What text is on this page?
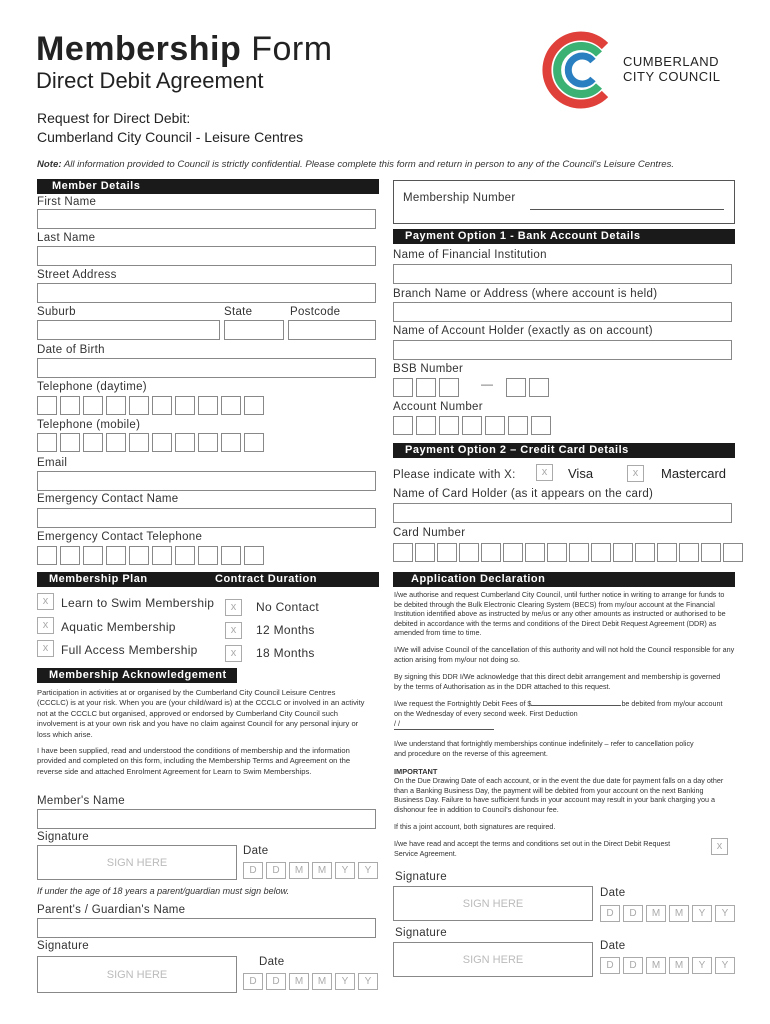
Membership Form
Direct Debit Agreement
Request for Direct Debit:
Cumberland City Council - Leisure Centres
Note: All information provided to Council is strictly confidential. Please complete this form and return in person to any of the Council's Leisure Centres.
CUMBERLAND
CITY COUNCIL
Member Details
First Name
Last Name
Street Address
Suburb	State	Postcode
Date of Birth
Telephone (daytime)
Telephone (mobile)
Email
Emergency Contact Name
Emergency Contact Telephone
Membership Plan	Contract Duration
x	Learn to Swim Membership
x	Aquatic Membership
x	Full Access Membership
x	No Contact
x	12 Months
x	18 Months
Membership Acknowledgement
Participation in activities at or organised by the Cumberland City Council Leisure Centres (CCCLC) is at your risk. When you are (your child/ward is) at the CCCLC or involved in an activity not at the CCCLC but organised, approved or endorsed by Cumberland City Council such involvement is at your own risk and you have no claim against Council for any personal injury or loss which arise.
I have been supplied, read and understood the conditions of membership and the information provided and completed on this form, including the Membership Terms and Agreement on the reverse side and attached Enrolment Agreement for Learn to Swim Memberships.
Member's Name
Signature
SIGN HERE
Date
D	D	M	M	Y	Y
If under the age of 18 years a parent/guardian must sign below.
Parent's / Guardian's Name
Signature
SIGN HERE
Date
D	D	M	M	Y	Y
Membership Number
Payment Option 1 - Bank Account Details
Name of Financial Institution
Branch Name or Address (where account is held)
Name of Account Holder (exactly as on account)
BSB Number
—
Account Number
Payment Option 2 – Credit Card Details
Please indicate with X:	x	Visa	x	Mastercard
Name of Card Holder (as it appears on the card)
Card Number
Application Declaration
I/we authorise and request Cumberland City Council, until further notice in writing to arrange for funds to be debited through the Bulk Electronic Clearing System (BECS) from my/our account at the Financial Institution identified above as instructed by me/us or any other amounts as instructed or authorised to be debited in accordance with the terms and conditions of the Direct Debit Request Agreement (DDR) as amended from time to time.
I/We will advise Council of the cancellation of this authority and will not hold the Council responsible for any action arising from my/our not doing so.
By signing this DDR I/We acknowledge that this direct debit arrangement and membership is governed by the terms of Authorisation as in the DDR attached to this request.
I/we request the Fortnightly Debit Fees of $	be debited from my/our account on the Wednesday of every second week. First Deduction
/ /
I/we understand that fortnightly memberships continue indefinitely – refer to cancellation policy and procedure on the reverse of this agreement.
IMPORTANT
On the Due Drawing Date of each account, or in the event the due date for payment falls on a day other than a Banking Business Day, the payment will be debited from your account on the next Banking Business Day. Failure to have sufficient funds in your account may result in your bank charging you a dishonour fee in addition to Council's dishonour fee.
If this a joint account, both signatures are required.
I/we have read and accept the terms and conditions set out in the Direct Debit Request Service Agreement.
x
Signature
SIGN HERE
Date
D	D	M	M	Y	Y
Signature
SIGN HERE
Date
D	D	M	M	Y	Y
